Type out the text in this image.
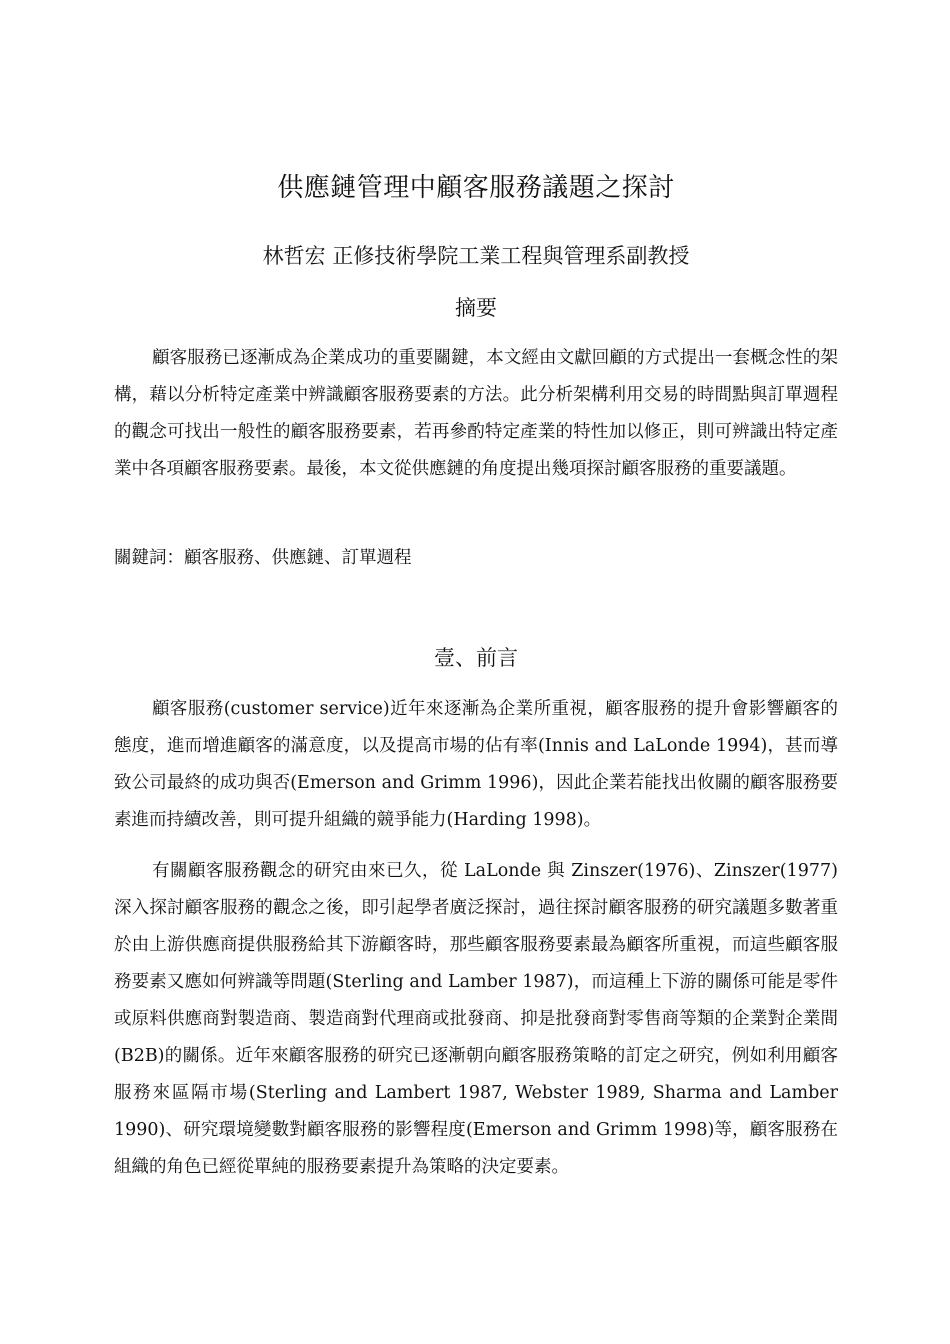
供應鏈管理中顧客服務議題之探討
林哲宏 正修技術學院工業工程與管理系副教授
摘要

顧客服務已逐漸成為企業成功的重要關鍵，本文經由文獻回顧的方式提出一套概念性的架構，藉以分析特定產業中辨識顧客服務要素的方法。此分析架構利用交易的時間點與訂單週程的觀念可找出一般性的顧客服務要素，若再參酌特定產業的特性加以修正，則可辨識出特定產業中各項顧客服務要素。最後，本文從供應鏈的角度提出幾項探討顧客服務的重要議題。

關鍵詞：顧客服務、供應鏈、訂單週程
壹、前言

顧客服務(customer service)近年來逐漸為企業所重視，顧客服務的提升會影響顧客的態度，進而增進顧客的滿意度，以及提高市場的佔有率(Innis and LaLonde 1994)，甚而導致公司最終的成功與否(Emerson and Grimm 1996)，因此企業若能找出攸關的顧客服務要素進而持續改善，則可提升組織的競爭能力(Harding 1998)。

有關顧客服務觀念的研究由來已久，從 LaLonde 與 Zinszer(1976)、Zinszer(1977)深入探討顧客服務的觀念之後，即引起學者廣泛探討，過往探討顧客服務的研究議題多數著重於由上游供應商提供服務給其下游顧客時，那些顧客服務要素最為顧客所重視，而這些顧客服務要素又應如何辨識等問題(Sterling and Lamber 1987)，而這種上下游的關係可能是零件或原料供應商對製造商、製造商對代理商或批發商、抑是批發商對零售商等類的企業對企業間(B2B)的關係。近年來顧客服務的研究已逐漸朝向顧客服務策略的訂定之研究，例如利用顧客服務來區隔市場(Sterling and Lambert 1987, Webster 1989, Sharma and Lamber 1990)、研究環境變數對顧客服務的影響程度(Emerson and Grimm 1998)等，顧客服務在組織的角色已經從單純的服務要素提升為策略的決定要素。
